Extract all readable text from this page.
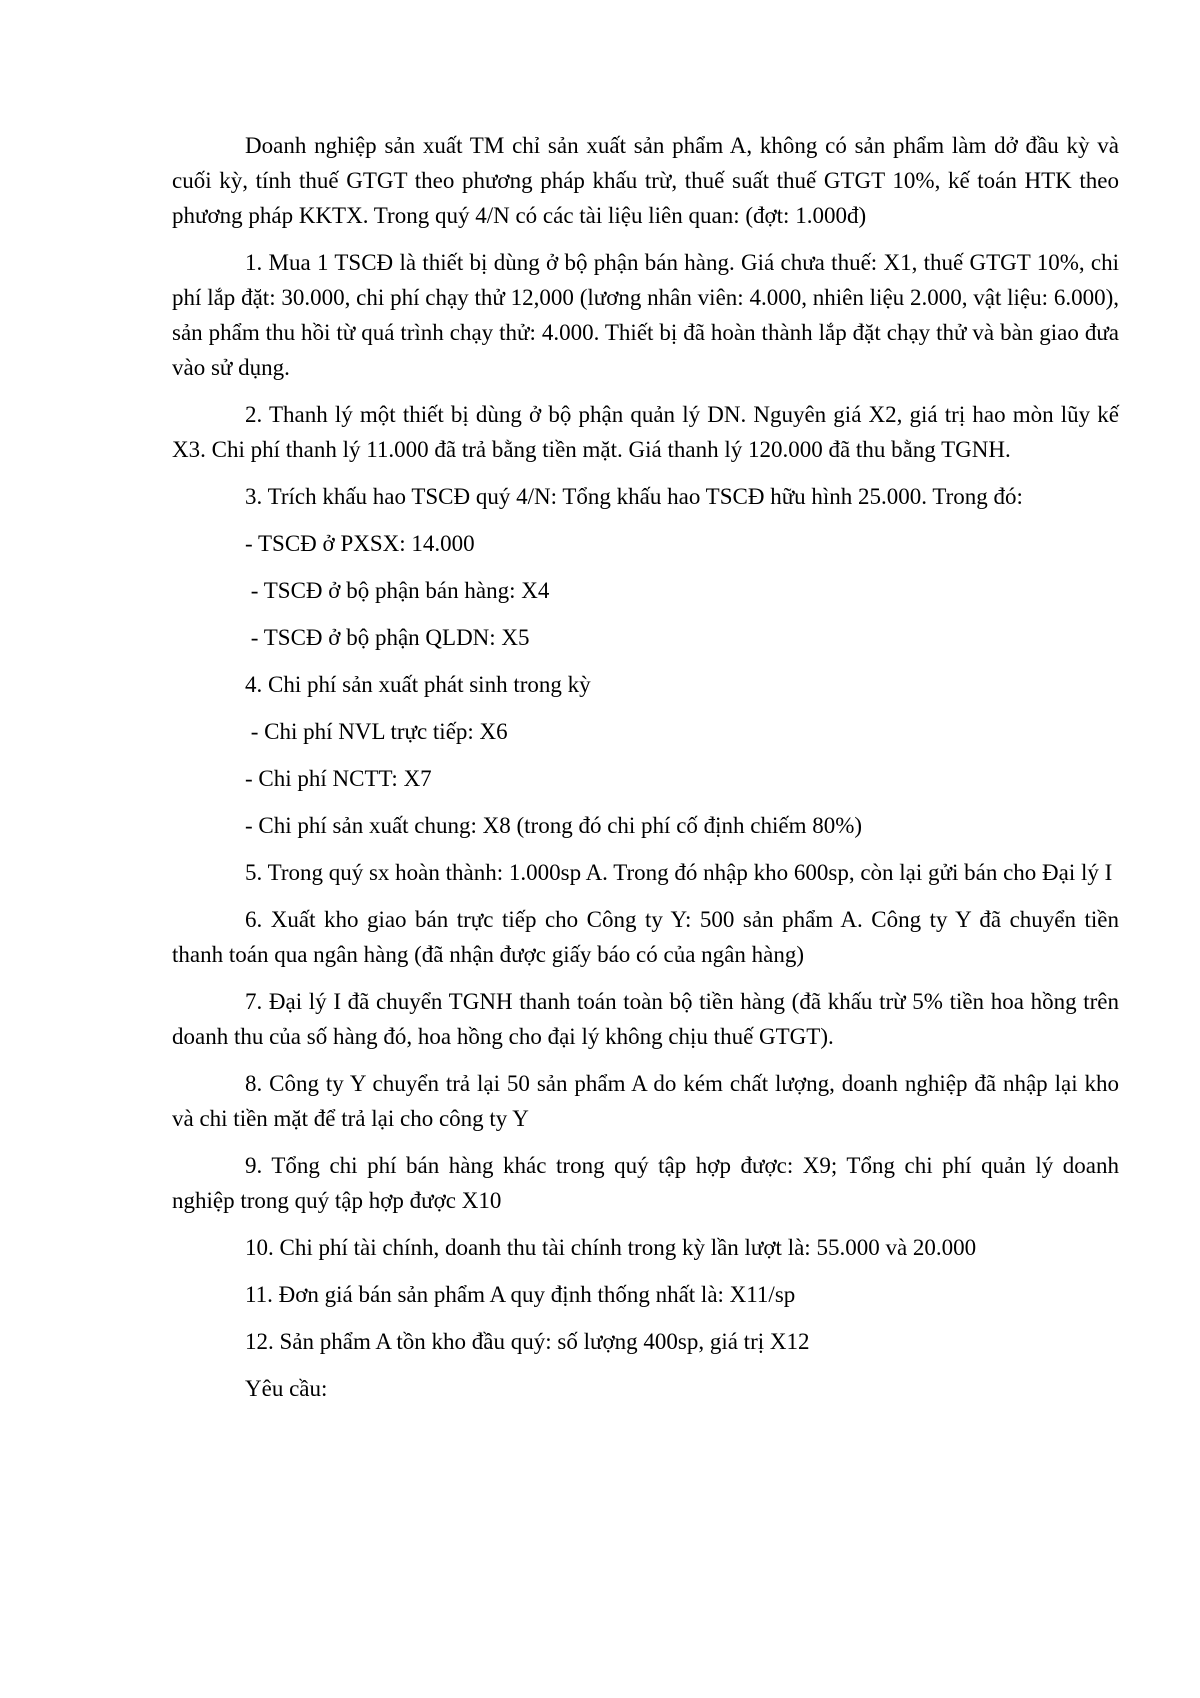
Doanh nghiệp sản xuất TM chỉ sản xuất sản phẩm A, không có sản phẩm làm dở đầu kỳ và cuối kỳ, tính thuế GTGT theo phương pháp khấu trừ, thuế suất thuế GTGT 10%, kế toán HTK theo phương pháp KKTX. Trong quý 4/N có các tài liệu liên quan: (đợt: 1.000đ)

1. Mua 1 TSCĐ là thiết bị dùng ở bộ phận bán hàng. Giá chưa thuế: X1, thuế GTGT 10%, chi phí lắp đặt: 30.000, chi phí chạy thử 12,000 (lương nhân viên: 4.000, nhiên liệu 2.000, vật liệu: 6.000), sản phẩm thu hồi từ quá trình chạy thử: 4.000. Thiết bị đã hoàn thành lắp đặt chạy thử và bàn giao đưa vào sử dụng.

2. Thanh lý một thiết bị dùng ở bộ phận quản lý DN. Nguyên giá X2, giá trị hao mòn lũy kế X3. Chi phí thanh lý 11.000 đã trả bằng tiền mặt. Giá thanh lý 120.000 đã thu bằng TGNH.

3. Trích khấu hao TSCĐ quý 4/N: Tổng khấu hao TSCĐ hữu hình 25.000. Trong đó:

- TSCĐ ở PXSX: 14.000

- TSCĐ ở bộ phận bán hàng: X4

- TSCĐ ở bộ phận QLDN: X5

4. Chi phí sản xuất phát sinh trong kỳ

- Chi phí NVL trực tiếp: X6

- Chi phí NCTT: X7

- Chi phí sản xuất chung: X8 (trong đó chi phí cố định chiếm 80%)

5. Trong quý sx hoàn thành: 1.000sp A. Trong đó nhập kho 600sp, còn lại gửi bán cho Đại lý I

6. Xuất kho giao bán trực tiếp cho Công ty Y: 500 sản phẩm A. Công ty Y đã chuyển tiền thanh toán qua ngân hàng (đã nhận được giấy báo có của ngân hàng)

7. Đại lý I đã chuyển TGNH thanh toán toàn bộ tiền hàng (đã khấu trừ 5% tiền hoa hồng trên doanh thu của số hàng đó, hoa hồng cho đại lý không chịu thuế GTGT).

8. Công ty Y chuyển trả lại 50 sản phẩm A do kém chất lượng, doanh nghiệp đã nhập lại kho và chi tiền mặt để trả lại cho công ty Y

9. Tổng chi phí bán hàng khác trong quý tập hợp được: X9; Tổng chi phí quản lý doanh nghiệp trong quý tập hợp được X10

10. Chi phí tài chính, doanh thu tài chính trong kỳ lần lượt là: 55.000 và 20.000

11. Đơn giá bán sản phẩm A quy định thống nhất là: X11/sp

12. Sản phẩm A tồn kho đầu quý: số lượng 400sp, giá trị X12

Yêu cầu:
